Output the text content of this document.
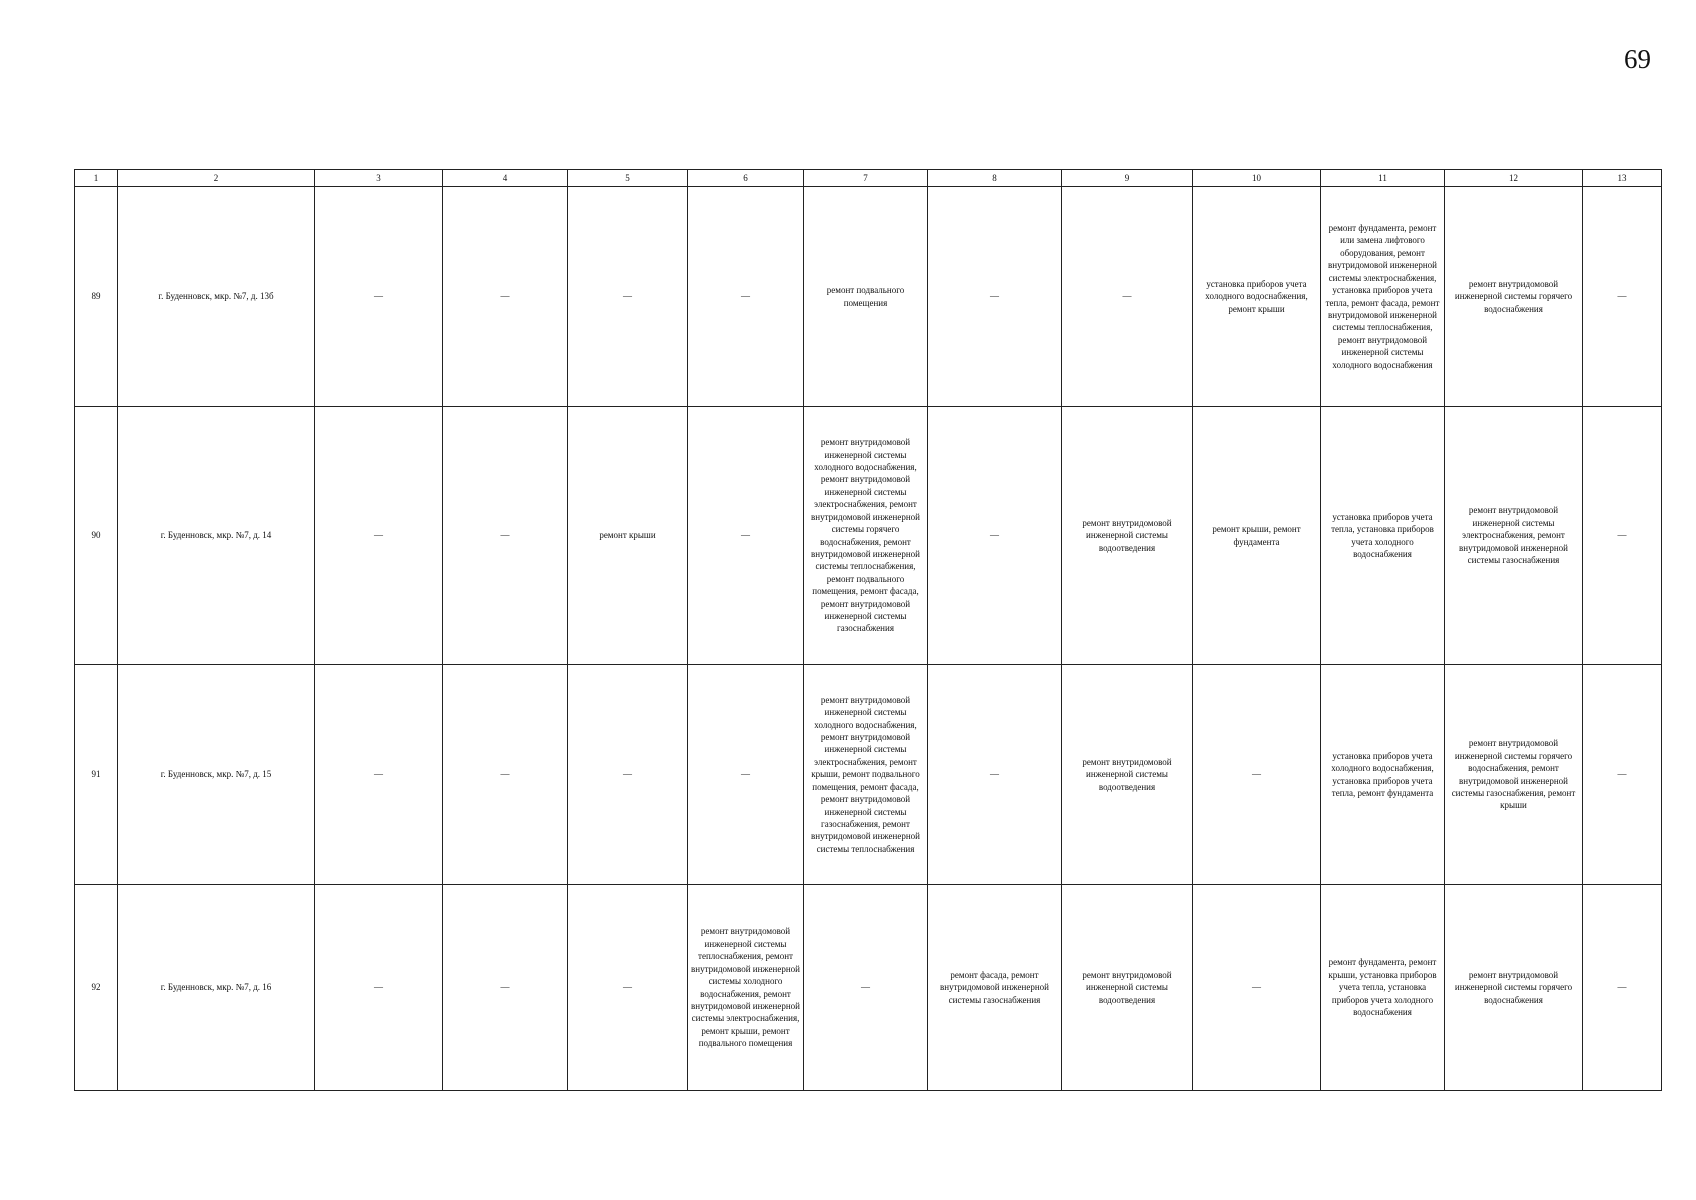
69
1	2	3	4	5	6	7	8	9	10	11	12	13
89	г. Буденновск, мкр. №7, д. 13б	—	—	—	—	ремонт подвального помещения	—	—	установка приборов учета холодного водоснабжения, ремонт крыши	ремонт фундамента, ремонт или замена лифтового оборудования, ремонт внутридомовой инженерной системы электроснабжения, установка приборов учета тепла, ремонт фасада, ремонт внутридомовой инженерной системы теплоснабжения, ремонт внутридомовой инженерной системы холодного водоснабжения	ремонт внутридомовой инженерной системы горячего водоснабжения	—
90	г. Буденновск, мкр. №7, д. 14	—	—	ремонт крыши	—	ремонт внутридомовой инженерной системы холодного водоснабжения, ремонт внутридомовой инженерной системы электроснабжения, ремонт внутридомовой инженерной системы горячего водоснабжения, ремонт внутридомовой инженерной системы теплоснабжения, ремонт подвального помещения, ремонт фасада, ремонт внутридомовой инженерной системы газоснабжения	—	ремонт внутридомовой инженерной системы водоотведения	ремонт крыши, ремонт фундамента	установка приборов учета тепла, установка приборов учета холодного водоснабжения	ремонт внутридомовой инженерной системы электроснабжения, ремонт внутридомовой инженерной системы газоснабжения	—
91	г. Буденновск, мкр. №7, д. 15	—	—	—	—	ремонт внутридомовой инженерной системы холодного водоснабжения, ремонт внутридомовой инженерной системы электроснабжения, ремонт крыши, ремонт подвального помещения, ремонт фасада, ремонт внутридомовой инженерной системы газоснабжения, ремонт внутридомовой инженерной системы теплоснабжения	—	ремонт внутридомовой инженерной системы водоотведения	—	установка приборов учета холодного водоснабжения, установка приборов учета тепла, ремонт фундамента	ремонт внутридомовой инженерной системы горячего водоснабжения, ремонт внутридомовой инженерной системы газоснабжения, ремонт крыши	—
92	г. Буденновск, мкр. №7, д. 16	—	—	—	ремонт внутридомовой инженерной системы теплоснабжения, ремонт внутридомовой инженерной системы холодного водоснабжения, ремонт внутридомовой инженерной системы электроснабжения, ремонт крыши, ремонт подвального помещения	—	ремонт фасада, ремонт внутридомовой инженерной системы газоснабжения	ремонт внутридомовой инженерной системы водоотведения	—	ремонт фундамента, ремонт крыши, установка приборов учета тепла, установка приборов учета холодного водоснабжения	ремонт внутридомовой инженерной системы горячего водоснабжения	—
